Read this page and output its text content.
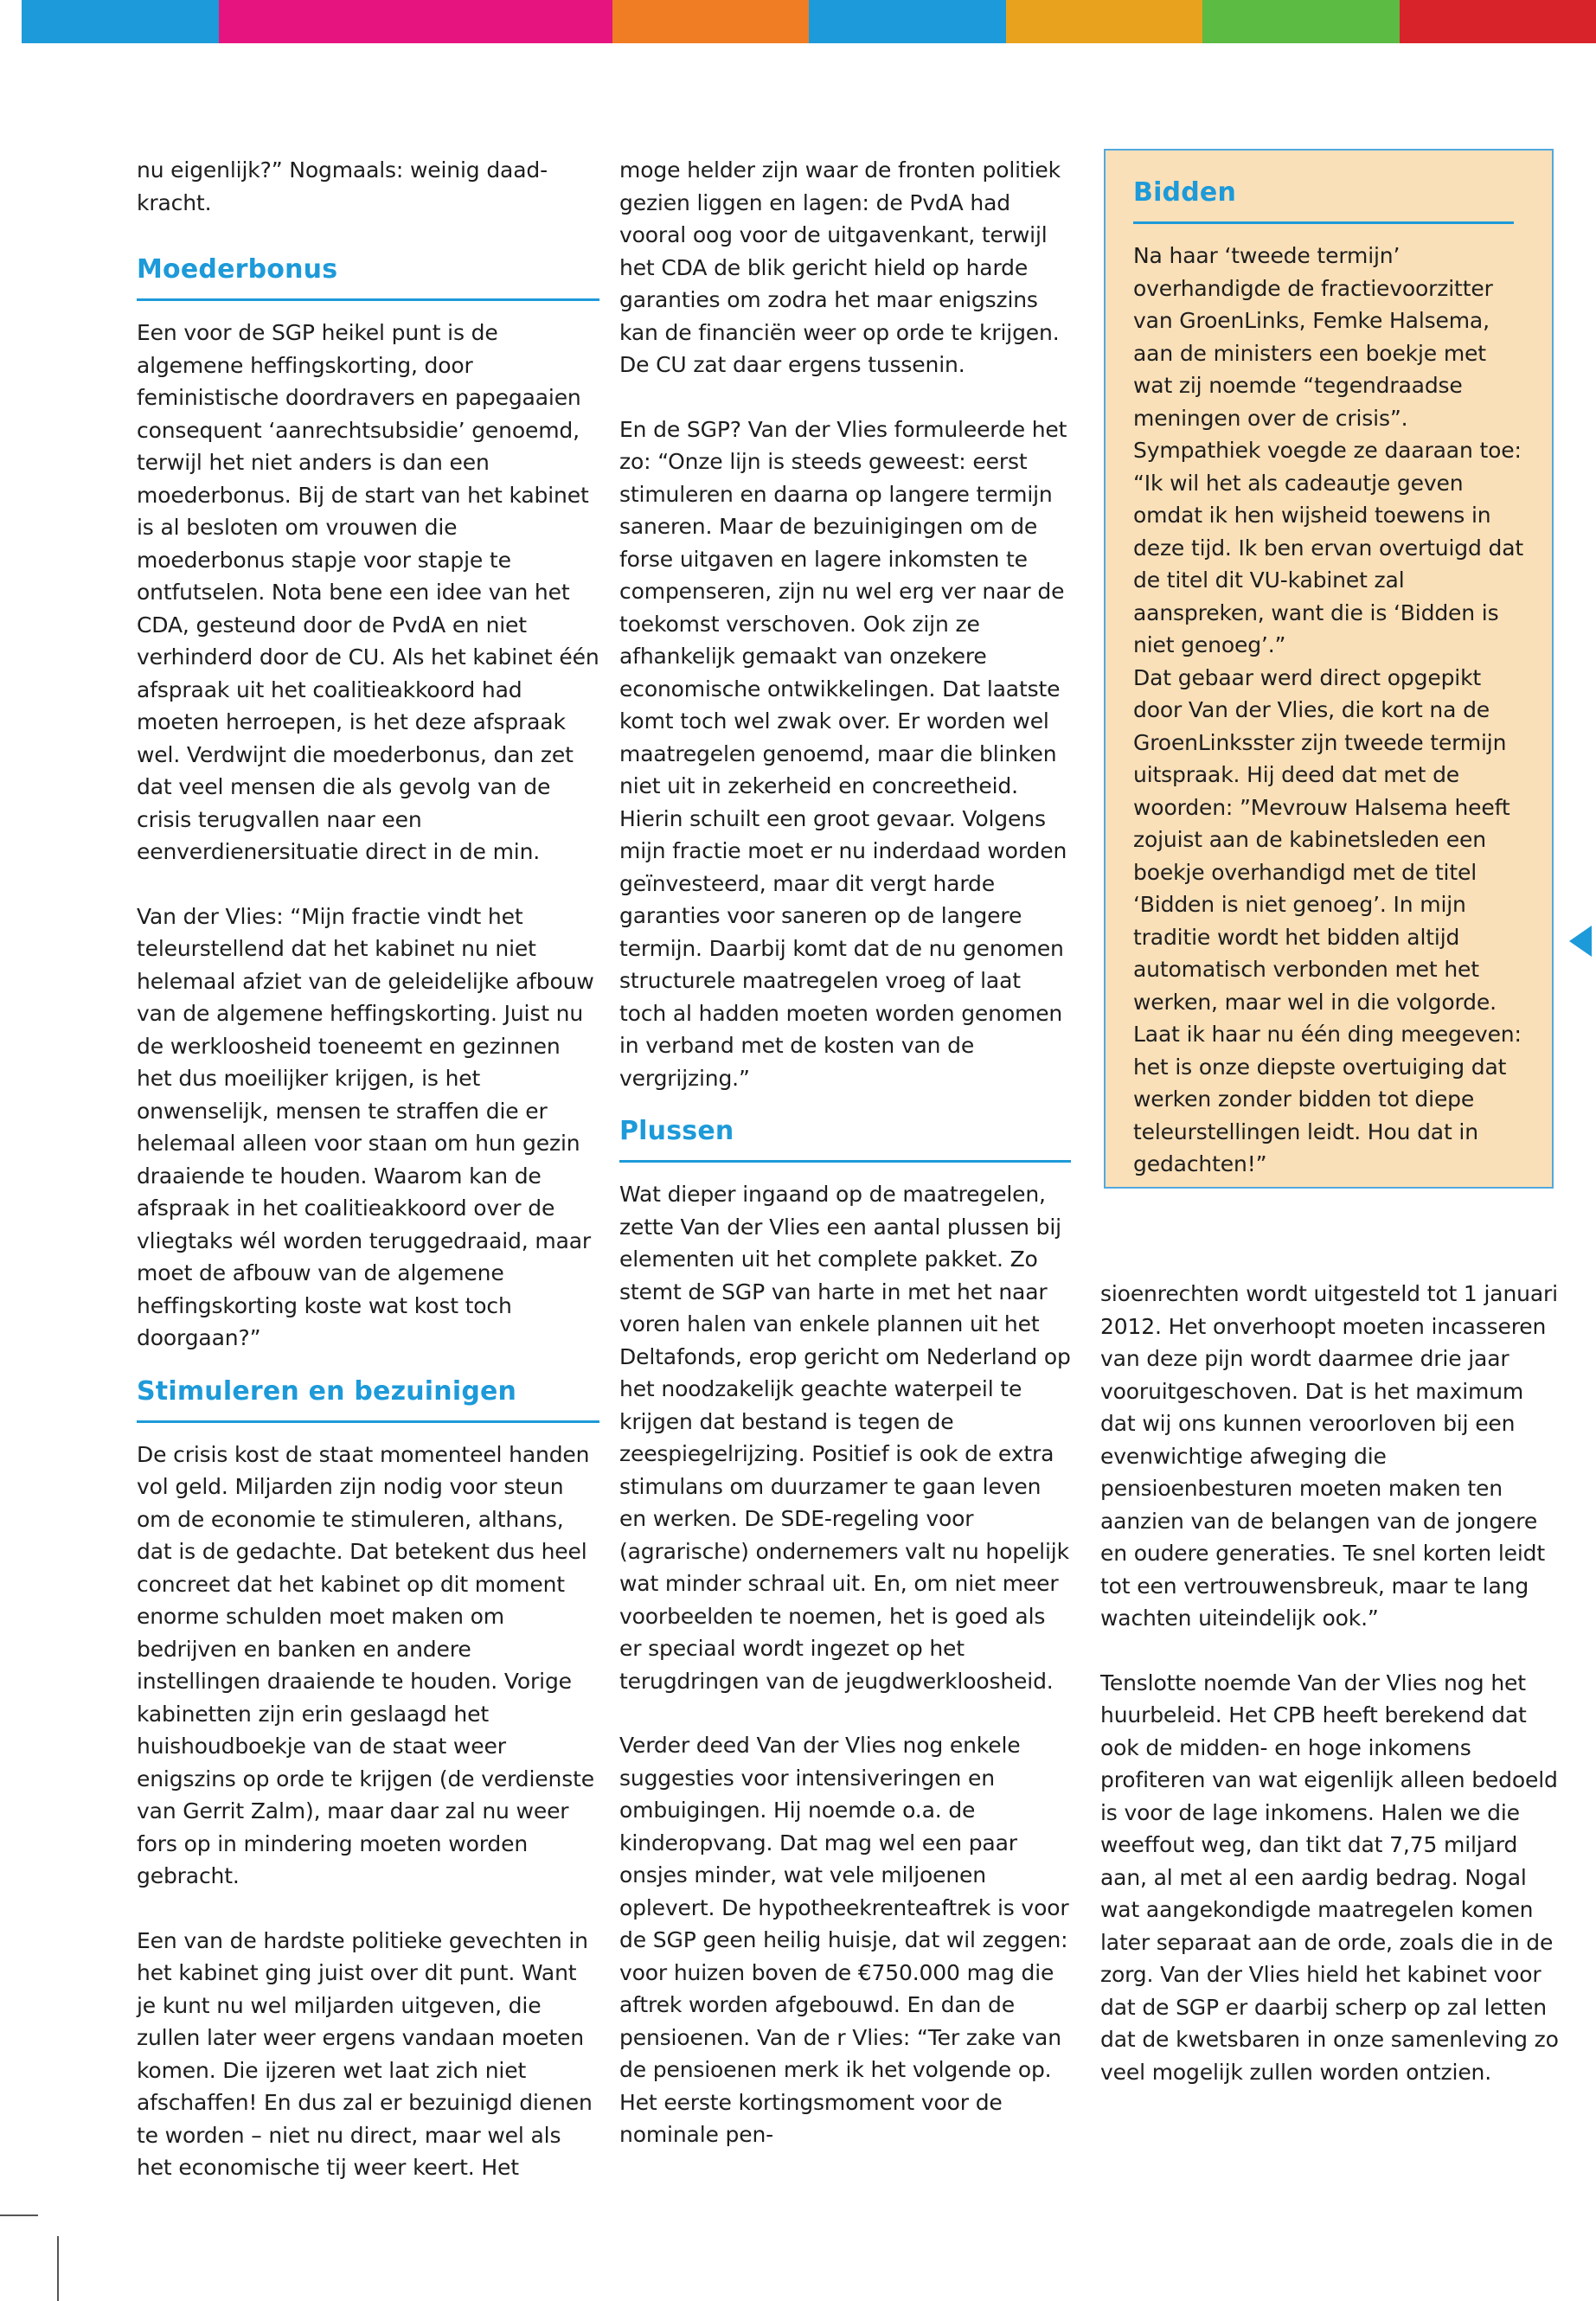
nu eigenlijk?” Nogmaals: weinig daad-kracht.

Moederbonus

Een voor de SGP heikel punt is de algemene heffingskorting, door feministische doordravers en papegaaien consequent ‘aanrechtsubsidie’ genoemd, terwijl het niet anders is dan een moederbonus. Bij de start van het kabinet is al besloten om vrouwen die moederbonus stapje voor stapje te ontfutselen. Nota bene een idee van het CDA, gesteund door de PvdA en niet verhinderd door de CU. Als het kabinet één afspraak uit het coalitieakkoord had moeten herroepen, is het deze afspraak wel. Verdwijnt die moederbonus, dan zet dat veel mensen die als gevolg van de crisis terugvallen naar een eenverdienersituatie direct in de min.

Van der Vlies: “Mijn fractie vindt het teleurstellend dat het kabinet nu niet helemaal afziet van de geleidelijke afbouw van de algemene heffingskorting. Juist nu de werkloosheid toeneemt en gezinnen het dus moeilijker krijgen, is het onwenselijk, mensen te straffen die er helemaal alleen voor staan om hun gezin draaiende te houden. Waarom kan de afspraak in het coalitieakkoord over de vliegtaks wél worden teruggedraaid, maar moet de afbouw van de algemene heffingskorting koste wat kost toch doorgaan?”

Stimuleren en bezuinigen

De crisis kost de staat momenteel handen vol geld. Miljarden zijn nodig voor steun om de economie te stimuleren, althans, dat is de gedachte. Dat betekent dus heel concreet dat het kabinet op dit moment enorme schulden moet maken om bedrijven en banken en andere instellingen draaiende te houden. Vorige kabinetten zijn erin geslaagd het huishoudboekje van de staat weer enigszins op orde te krijgen (de verdienste van Gerrit Zalm), maar daar zal nu weer fors op in mindering moeten worden gebracht.

Een van de hardste politieke gevechten in het kabinet ging juist over dit punt. Want je kunt nu wel miljarden uitgeven, die zullen later weer ergens vandaan moeten komen. Die ijzeren wet laat zich niet afschaffen! En dus zal er bezuinigd dienen te worden – niet nu direct, maar wel als het economische tij weer keert. Het

moge helder zijn waar de fronten politiek gezien liggen en lagen: de PvdA had vooral oog voor de uitgavenkant, terwijl het CDA de blik gericht hield op harde garanties om zodra het maar enigszins kan de financiën weer op orde te krijgen. De CU zat daar ergens tussenin.

En de SGP? Van der Vlies formuleerde het zo: “Onze lijn is steeds geweest: eerst stimuleren en daarna op langere termijn saneren. Maar de bezuinigingen om de forse uitgaven en lagere inkomsten te compenseren, zijn nu wel erg ver naar de toekomst verschoven. Ook zijn ze afhankelijk gemaakt van onzekere economische ontwikkelingen. Dat laatste komt toch wel zwak over. Er worden wel maatregelen genoemd, maar die blinken niet uit in zekerheid en concreetheid. Hierin schuilt een groot gevaar. Volgens mijn fractie moet er nu inderdaad worden geïnvesteerd, maar dit vergt harde garanties voor saneren op de langere termijn. Daarbij komt dat de nu genomen structurele maatregelen vroeg of laat toch al hadden moeten worden genomen in verband met de kosten van de vergrijzing.”

Plussen

Wat dieper ingaand op de maatregelen, zette Van der Vlies een aantal plussen bij elementen uit het complete pakket. Zo stemt de SGP van harte in met het naar voren halen van enkele plannen uit het Deltafonds, erop gericht om Nederland op het noodzakelijk geachte waterpeil te krijgen dat bestand is tegen de zeespiegelrijzing. Positief is ook de extra stimulans om duurzamer te gaan leven en werken. De SDE-regeling voor (agrarische) ondernemers valt nu hopelijk wat minder schraal uit. En, om niet meer voorbeelden te noemen, het is goed als er speciaal wordt ingezet op het terugdringen van de jeugdwerkloosheid.

Verder deed Van der Vlies nog enkele suggesties voor intensiveringen en ombuigingen. Hij noemde o.a. de kinderopvang. Dat mag wel een paar onsjes minder, wat vele miljoenen oplevert. De hypotheekrenteaftrek is voor de SGP geen heilig huisje, dat wil zeggen: voor huizen boven de €750.000 mag die aftrek worden afgebouwd. En dan de pensioenen. Van de r Vlies: “Ter zake van de pensioenen merk ik het volgende op. Het eerste kortingsmoment voor de nominale pen-

Bidden

Na haar ‘tweede termijn’ overhandigde de fractievoorzitter van GroenLinks, Femke Halsema, aan de ministers een boekje met wat zij noemde “tegendraadse meningen over de crisis”. Sympathiek voegde ze daaraan toe: “Ik wil het als cadeautje geven omdat ik hen wijsheid toewens in deze tijd. Ik ben ervan overtuigd dat de titel dit VU-kabinet zal aanspreken, want die is ‘Bidden is niet genoeg’.”

Dat gebaar werd direct opgepikt door Van der Vlies, die kort na de GroenLinksster zijn tweede termijn uitspraak. Hij deed dat met de woorden: ”Mevrouw Halsema heeft zojuist aan de kabinetsleden een boekje overhandigd met de titel ‘Bidden is niet genoeg’. In mijn traditie wordt het bidden altijd automatisch verbonden met het werken, maar wel in die volgorde. Laat ik haar nu één ding meegeven: het is onze diepste overtuiging dat werken zonder bidden tot diepe teleurstellingen leidt. Hou dat in gedachten!”

sioenrechten wordt uitgesteld tot 1 januari 2012. Het onverhoopt moeten incasseren van deze pijn wordt daarmee drie jaar vooruitgeschoven. Dat is het maximum dat wij ons kunnen veroorloven bij een evenwichtige afweging die pensioenbesturen moeten maken ten aanzien van de belangen van de jongere en oudere generaties. Te snel korten leidt tot een vertrouwensbreuk, maar te lang wachten uiteindelijk ook.”

Tenslotte noemde Van der Vlies nog het huurbeleid. Het CPB heeft berekend dat ook de midden- en hoge inkomens profiteren van wat eigenlijk alleen bedoeld is voor de lage inkomens. Halen we die weeffout weg, dan tikt dat 7,75 miljard aan, al met al een aardig bedrag. Nogal wat aangekondigde maatregelen komen later separaat aan de orde, zoals die in de zorg. Van der Vlies hield het kabinet voor dat de SGP er daarbij scherp op zal letten dat de kwetsbaren in onze samenleving zo veel mogelijk zullen worden ontzien.
